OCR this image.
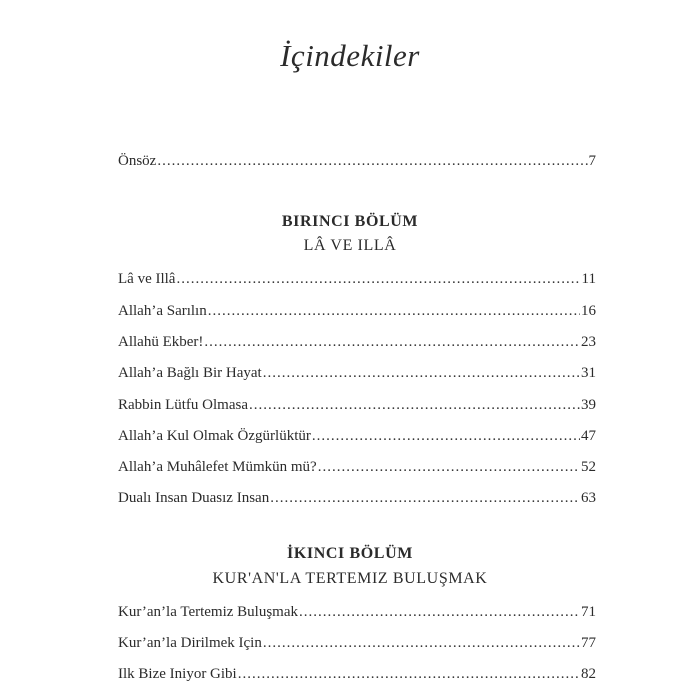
İçindekiler
Önsöz .....	7
BIRINCI BÖLÜM
LÂ VE ILLÂ
Lâ ve Illâ .....	11
Allah’a Sarılın .....	16
Allahü Ekber! .....	23
Allah’a Bağlı Bir Hayat .....	31
Rabbin Lütfu Olmasa .....	39
Allah’a Kul Olmak Özgürlüktür .....	47
Allah’a Muhâlefet Mümkün mü? .....	52
Dualı Insan Duasız Insan .....	63
İKINCI BÖLÜM
KUR'AN'LA TERTEMIZ BULUŞMAK
Kur’an’la Tertemiz Buluşmak .....	71
Kur’an’la Dirilmek Için .....	77
Ilk Bize Iniyor Gibi .....	82
